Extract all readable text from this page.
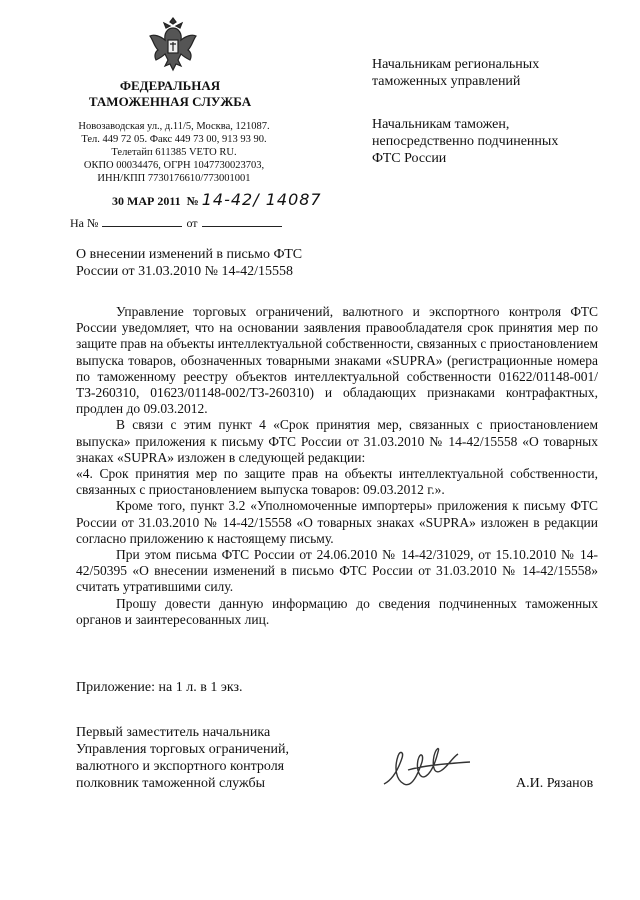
ФЕДЕРАЛЬНАЯ
ТАМОЖЕННАЯ СЛУЖБА
Новозаводская ул., д.11/5, Москва, 121087.
Тел. 449 72 05. Факс 449 73 00, 913 93 90.
Телетайп 611385 VETO RU.
ОКПО 00034476, ОГРН 1047730023703,
ИНН/КПП 7730176610/773001001
30 МАР 2011 № 14-42/ 14087
На №	от
Начальникам региональных
таможенных управлений
Начальникам таможен,
непосредственно подчиненных
ФТС России
О внесении изменений в письмо ФТС
России от 31.03.2010 № 14-42/15558

Управление торговых ограничений, валютного и экспортного контроля ФТС России уведомляет, что на основании заявления правообладателя срок принятия мер по защите прав на объекты интеллектуальной собственности, связанных с приостановлением выпуска товаров, обозначенных товарными знаками «SUPRA» (регистрационные номера по таможенному реестру объектов интеллектуальной собственности 01622/01148-001/ТЗ-260310, 01623/01148-002/ТЗ-260310) и обладающих признаками контрафактных, продлен до 09.03.2012.

В связи с этим пункт 4 «Срок принятия мер, связанных с приостановлением выпуска» приложения к письму ФТС России от 31.03.2010 № 14-42/15558 «О товарных знаках «SUPRA» изложен в следующей редакции:

«4. Срок принятия мер по защите прав на объекты интеллектуальной собственности, связанных с приостановлением выпуска товаров: 09.03.2012 г.».

Кроме того, пункт 3.2 «Уполномоченные импортеры» приложения к письму ФТС России от 31.03.2010 № 14-42/15558 «О товарных знаках «SUPRA» изложен в редакции согласно приложению к настоящему письму.

При этом письма ФТС России от 24.06.2010 № 14-42/31029, от 15.10.2010 № 14-42/50395 «О внесении изменений в письмо ФТС России от 31.03.2010 № 14-42/15558» считать утратившими силу.

Прошу довести данную информацию до сведения подчиненных таможенных органов и заинтересованных лиц.

Приложение: на 1 л. в 1 экз.
Первый заместитель начальника
Управления торговых ограничений,
валютного и экспортного контроля
полковник таможенной службы	А.И. Рязанов
